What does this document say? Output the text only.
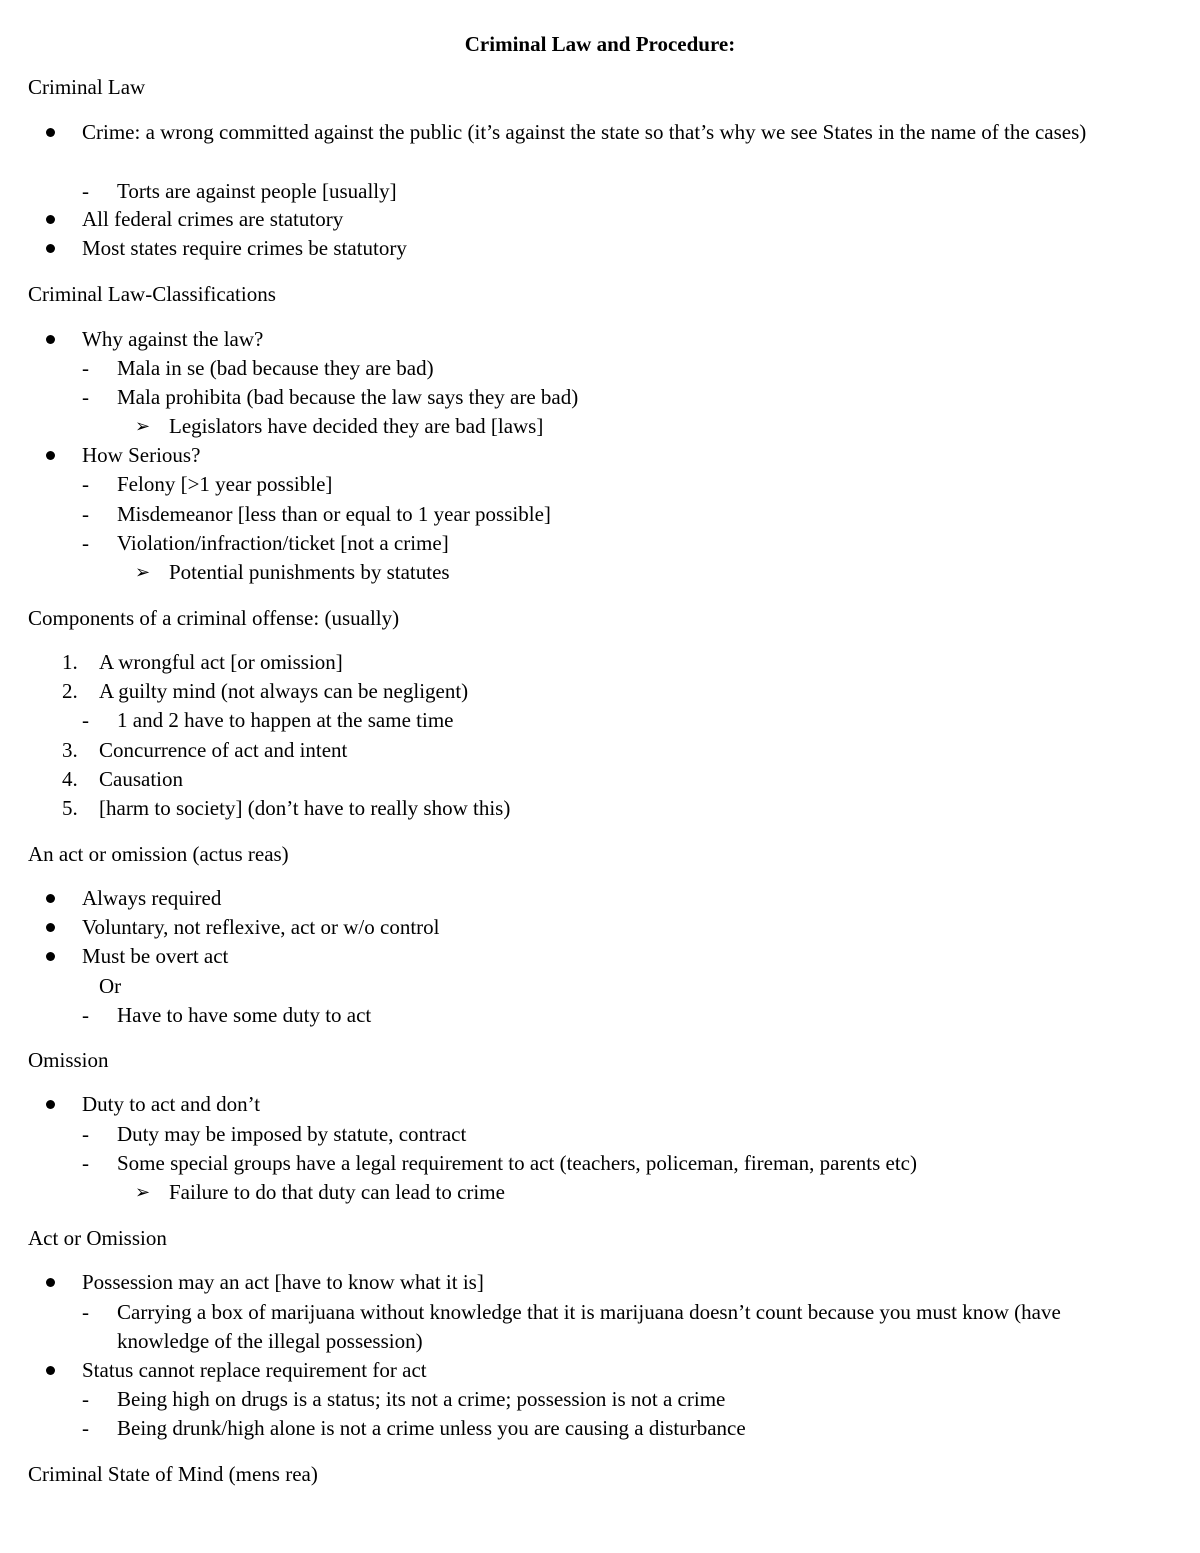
Criminal Law and Procedure:
Criminal Law
Crime: a wrong committed against the public (it’s against the state so that’s why we see States in the name of the cases)
- Torts are against people [usually]
All federal crimes are statutory
Most states require crimes be statutory
Criminal Law-Classifications
Why against the law?
- Mala in se (bad because they are bad)
- Mala prohibita (bad because the law says they are bad)
➢ Legislators have decided they are bad [laws]
How Serious?
- Felony [>1 year possible]
- Misdemeanor [less than or equal to 1 year possible]
- Violation/infraction/ticket [not a crime]
➢ Potential punishments by statutes
Components of a criminal offense: (usually)
1. A wrongful act [or omission]
2. A guilty mind (not always can be negligent)
- 1 and 2 have to happen at the same time
3. Concurrence of act and intent
4. Causation
5. [harm to society] (don’t have to really show this)
An act or omission (actus reas)
Always required
Voluntary, not reflexive, act or w/o control
Must be overt act
Or
- Have to have some duty to act
Omission
Duty to act and don’t
- Duty may be imposed by statute, contract
- Some special groups have a legal requirement to act (teachers, policeman, fireman, parents etc)
➢ Failure to do that duty can lead to crime
Act or Omission
Possession may an act [have to know what it is]
- Carrying a box of marijuana without knowledge that it is marijuana doesn’t count because you must know (have knowledge of the illegal possession)
Status cannot replace requirement for act
- Being high on drugs is a status; its not a crime; possession is not a crime
- Being drunk/high alone is not a crime unless you are causing a disturbance
Criminal State of Mind (mens rea)
